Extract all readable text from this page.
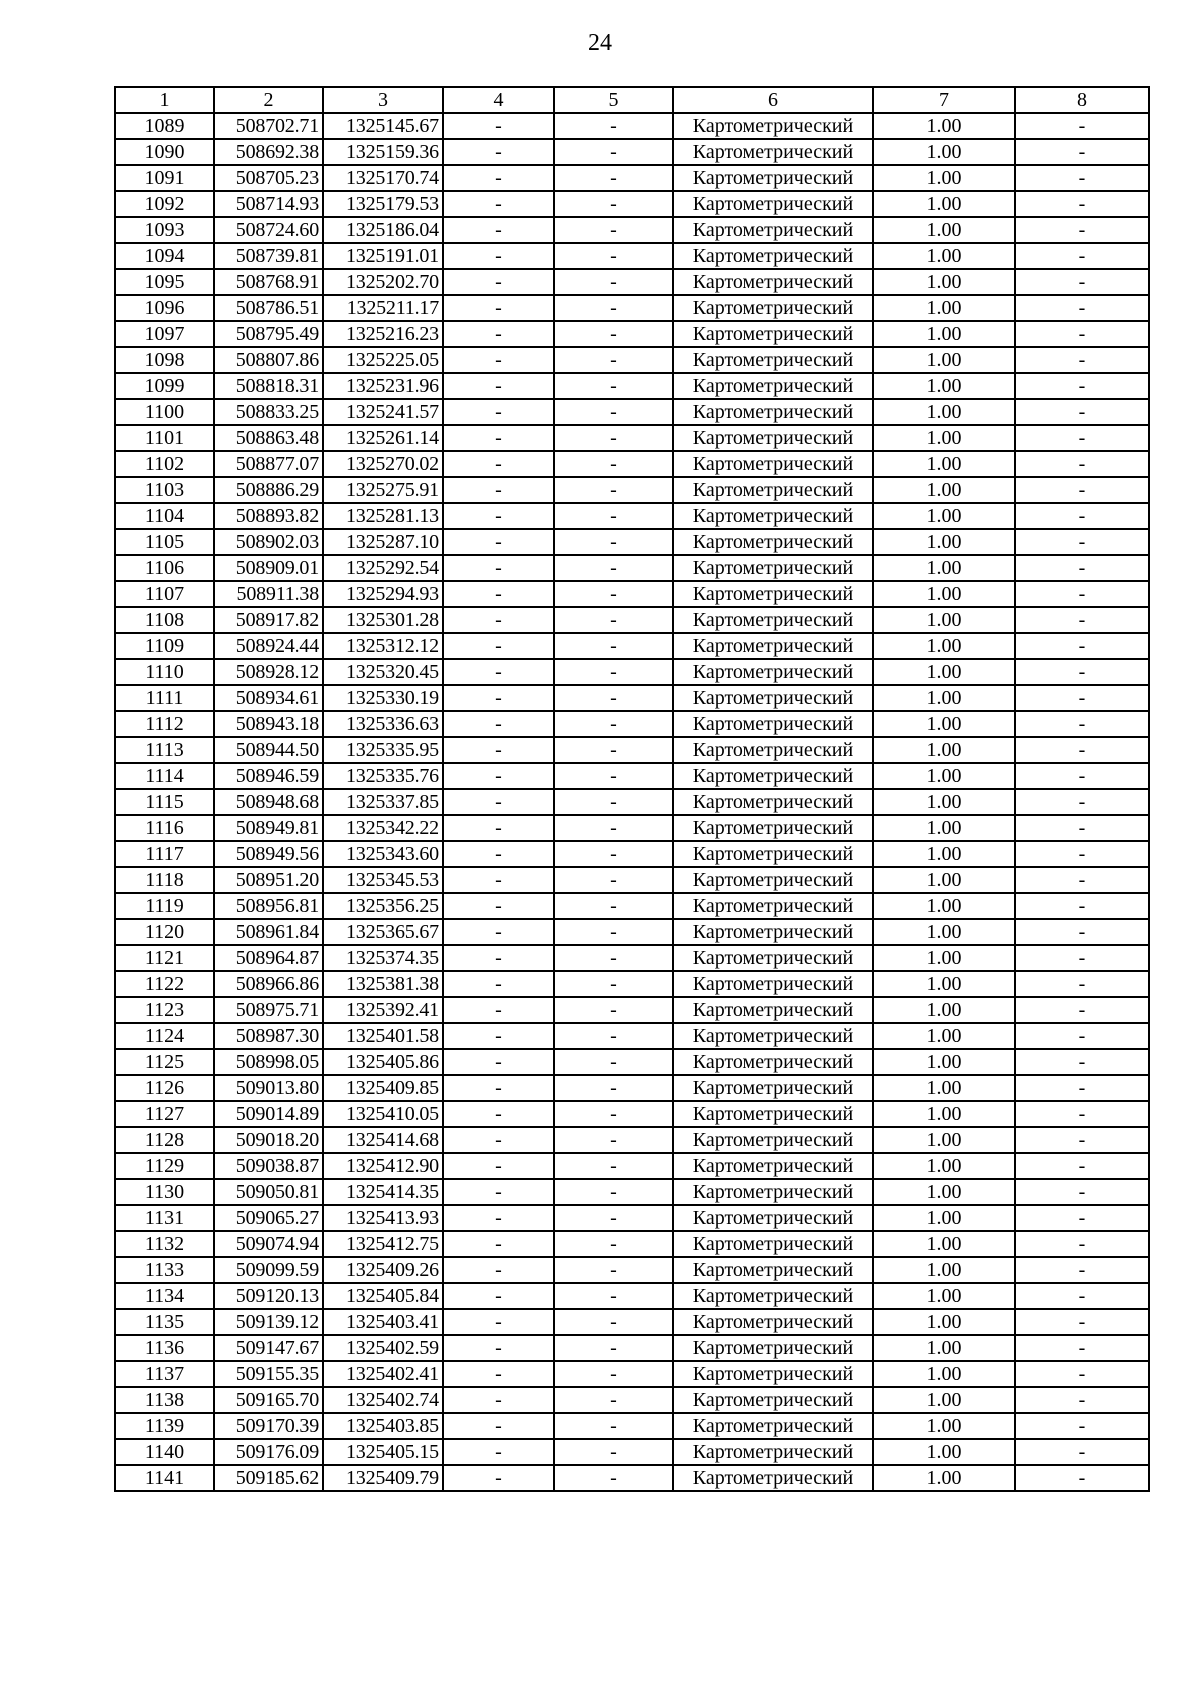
24
1	2	3	4	5	6	7	8
1089	508702.71	1325145.67	-	-	Картометрический	1.00	-
1090	508692.38	1325159.36	-	-	Картометрический	1.00	-
1091	508705.23	1325170.74	-	-	Картометрический	1.00	-
1092	508714.93	1325179.53	-	-	Картометрический	1.00	-
1093	508724.60	1325186.04	-	-	Картометрический	1.00	-
1094	508739.81	1325191.01	-	-	Картометрический	1.00	-
1095	508768.91	1325202.70	-	-	Картометрический	1.00	-
1096	508786.51	1325211.17	-	-	Картометрический	1.00	-
1097	508795.49	1325216.23	-	-	Картометрический	1.00	-
1098	508807.86	1325225.05	-	-	Картометрический	1.00	-
1099	508818.31	1325231.96	-	-	Картометрический	1.00	-
1100	508833.25	1325241.57	-	-	Картометрический	1.00	-
1101	508863.48	1325261.14	-	-	Картометрический	1.00	-
1102	508877.07	1325270.02	-	-	Картометрический	1.00	-
1103	508886.29	1325275.91	-	-	Картометрический	1.00	-
1104	508893.82	1325281.13	-	-	Картометрический	1.00	-
1105	508902.03	1325287.10	-	-	Картометрический	1.00	-
1106	508909.01	1325292.54	-	-	Картометрический	1.00	-
1107	508911.38	1325294.93	-	-	Картометрический	1.00	-
1108	508917.82	1325301.28	-	-	Картометрический	1.00	-
1109	508924.44	1325312.12	-	-	Картометрический	1.00	-
1110	508928.12	1325320.45	-	-	Картометрический	1.00	-
1111	508934.61	1325330.19	-	-	Картометрический	1.00	-
1112	508943.18	1325336.63	-	-	Картометрический	1.00	-
1113	508944.50	1325335.95	-	-	Картометрический	1.00	-
1114	508946.59	1325335.76	-	-	Картометрический	1.00	-
1115	508948.68	1325337.85	-	-	Картометрический	1.00	-
1116	508949.81	1325342.22	-	-	Картометрический	1.00	-
1117	508949.56	1325343.60	-	-	Картометрический	1.00	-
1118	508951.20	1325345.53	-	-	Картометрический	1.00	-
1119	508956.81	1325356.25	-	-	Картометрический	1.00	-
1120	508961.84	1325365.67	-	-	Картометрический	1.00	-
1121	508964.87	1325374.35	-	-	Картометрический	1.00	-
1122	508966.86	1325381.38	-	-	Картометрический	1.00	-
1123	508975.71	1325392.41	-	-	Картометрический	1.00	-
1124	508987.30	1325401.58	-	-	Картометрический	1.00	-
1125	508998.05	1325405.86	-	-	Картометрический	1.00	-
1126	509013.80	1325409.85	-	-	Картометрический	1.00	-
1127	509014.89	1325410.05	-	-	Картометрический	1.00	-
1128	509018.20	1325414.68	-	-	Картометрический	1.00	-
1129	509038.87	1325412.90	-	-	Картометрический	1.00	-
1130	509050.81	1325414.35	-	-	Картометрический	1.00	-
1131	509065.27	1325413.93	-	-	Картометрический	1.00	-
1132	509074.94	1325412.75	-	-	Картометрический	1.00	-
1133	509099.59	1325409.26	-	-	Картометрический	1.00	-
1134	509120.13	1325405.84	-	-	Картометрический	1.00	-
1135	509139.12	1325403.41	-	-	Картометрический	1.00	-
1136	509147.67	1325402.59	-	-	Картометрический	1.00	-
1137	509155.35	1325402.41	-	-	Картометрический	1.00	-
1138	509165.70	1325402.74	-	-	Картометрический	1.00	-
1139	509170.39	1325403.85	-	-	Картометрический	1.00	-
1140	509176.09	1325405.15	-	-	Картометрический	1.00	-
1141	509185.62	1325409.79	-	-	Картометрический	1.00	-
